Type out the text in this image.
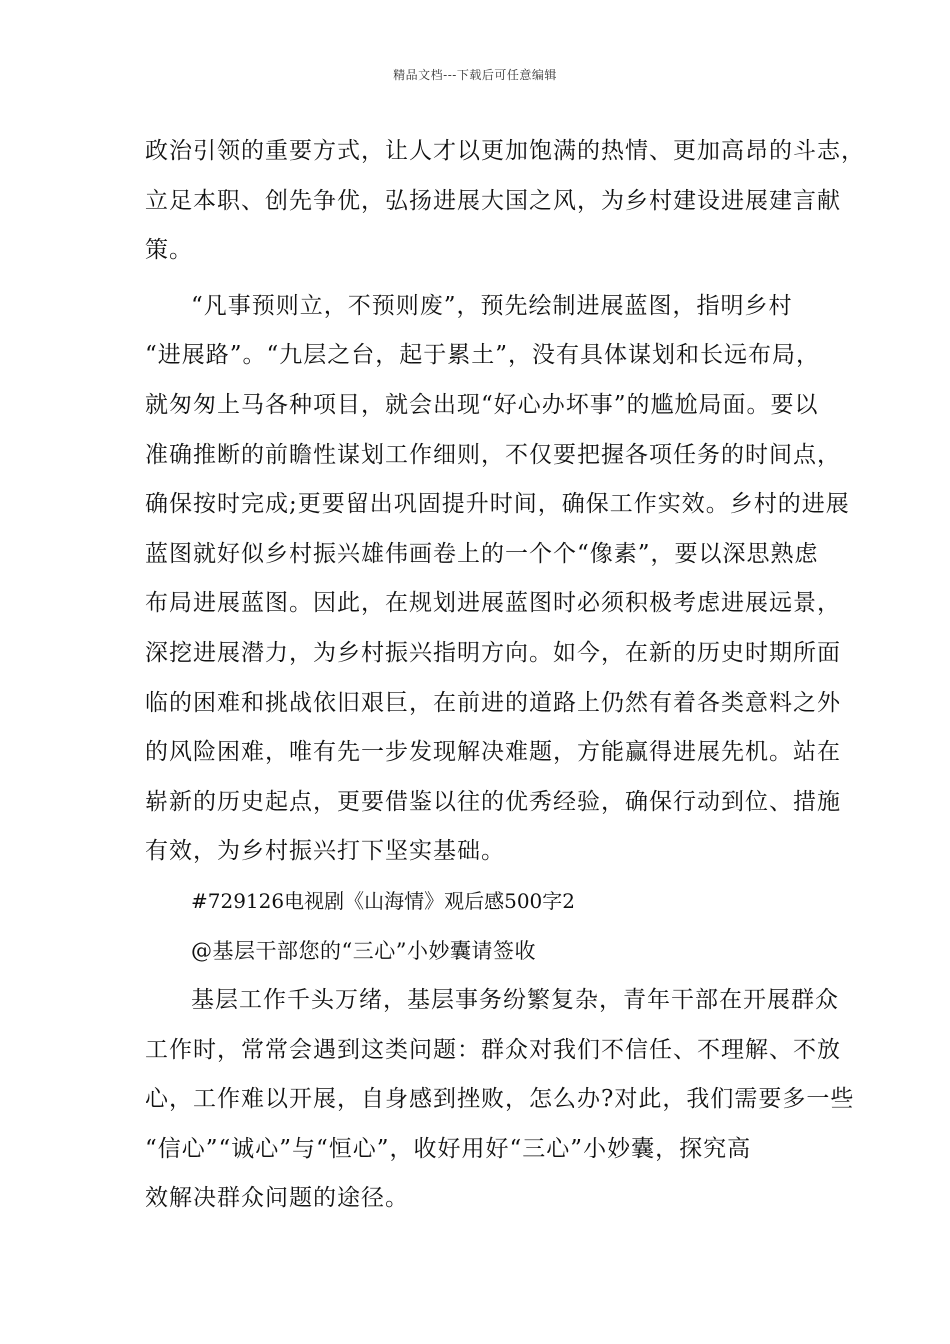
精品文档---下载后可任意编辑
政治引领的重要方式，让人才以更加饱满的热情、更加高昂的斗志，
立足本职、创先争优，弘扬进展大国之风，为乡村建设进展建言献
策。
“凡事预则立，不预则废”，预先绘制进展蓝图，指明乡村
“进展路”。“九层之台，起于累土”，没有具体谋划和长远布局，
就匆匆上马各种项目，就会出现“好心办坏事”的尴尬局面。要以
准确推断的前瞻性谋划工作细则，不仅要把握各项任务的时间点，
确保按时完成;更要留出巩固提升时间，确保工作实效。乡村的进展
蓝图就好似乡村振兴雄伟画卷上的一个个“像素”，要以深思熟虑
布局进展蓝图。因此，在规划进展蓝图时必须积极考虑进展远景，
深挖进展潜力，为乡村振兴指明方向。如今，在新的历史时期所面
临的困难和挑战依旧艰巨，在前进的道路上仍然有着各类意料之外
的风险困难，唯有先一步发现解决难题，方能赢得进展先机。站在
崭新的历史起点，更要借鉴以往的优秀经验，确保行动到位、措施
有效，为乡村振兴打下坚实基础。
#729126电视剧《山海情》观后感500字2
@基层干部您的“三心”小妙囊请签收
基层工作千头万绪，基层事务纷繁复杂，青年干部在开展群众
工作时，常常会遇到这类问题：群众对我们不信任、不理解、不放
心，工作难以开展，自身感到挫败，怎么办?对此，我们需要多一些
“信心”“诚心”与“恒心”，收好用好“三心”小妙囊，探究高
效解决群众问题的途径。
